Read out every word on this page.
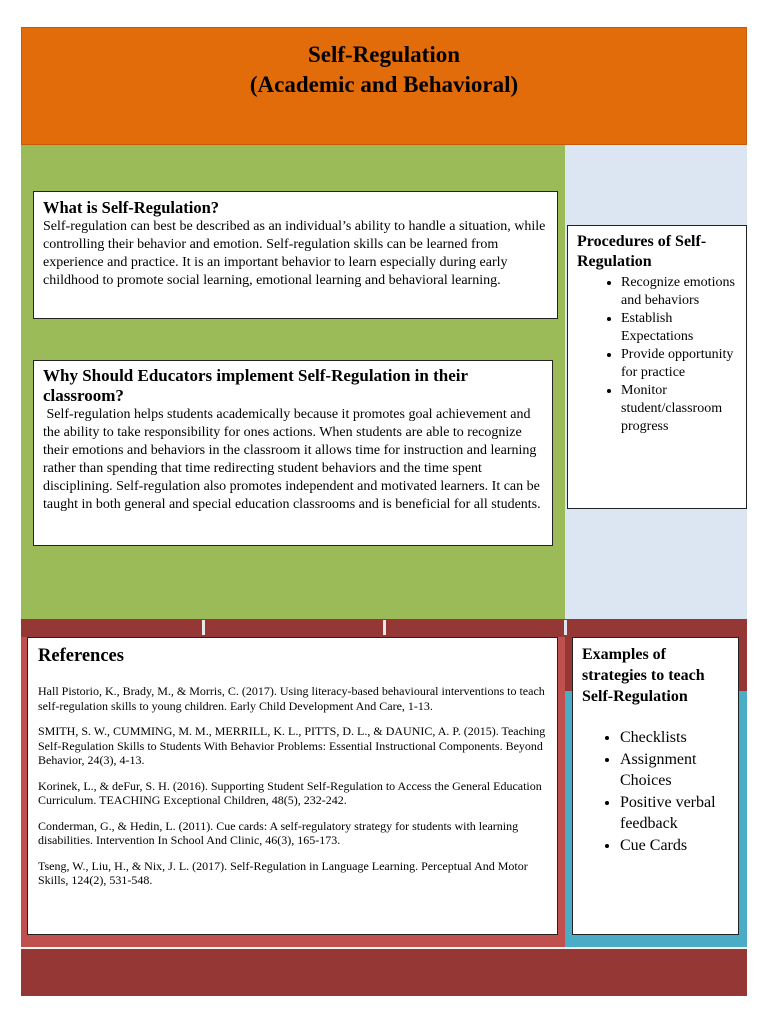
Self-Regulation
(Academic and Behavioral)
What is Self-Regulation?
Self-regulation can best be described as an individual’s ability to handle a situation, while controlling their behavior and emotion. Self-regulation skills can be learned from experience and practice. It is an important behavior to learn especially during early childhood to promote social learning, emotional learning and behavioral learning.
Why Should Educators implement Self-Regulation in their classroom?
Self-regulation helps students academically because it promotes goal achievement and the ability to take responsibility for ones actions. When students are able to recognize their emotions and behaviors in the classroom it allows time for instruction and learning rather than spending that time redirecting student behaviors and the time spent disciplining. Self-regulation also promotes independent and motivated learners. It can be taught in both general and special education classrooms and is beneficial for all students.
Procedures of Self-Regulation
• Recognize emotions and behaviors
• Establish Expectations
• Provide opportunity for practice
• Monitor student/classroom progress
References

Hall Pistorio, K., Brady, M., & Morris, C. (2017). Using literacy-based behavioural interventions to teach self-regulation skills to young children. Early Child Development And Care, 1-13.

SMITH, S. W., CUMMING, M. M., MERRILL, K. L., PITTS, D. L., & DAUNIC, A. P. (2015). Teaching Self-Regulation Skills to Students With Behavior Problems: Essential Instructional Components. Beyond Behavior, 24(3), 4-13.

Korinek, L., & deFur, S. H. (2016). Supporting Student Self-Regulation to Access the General Education Curriculum. TEACHING Exceptional Children, 48(5), 232-242.

Conderman, G., & Hedin, L. (2011). Cue cards: A self-regulatory strategy for students with learning disabilities. Intervention In School And Clinic, 46(3), 165-173.

Tseng, W., Liu, H., & Nix, J. L. (2017). Self-Regulation in Language Learning. Perceptual And Motor Skills, 124(2), 531-548.

Examples of strategies to teach Self-Regulation
• Checklists
• Assignment Choices
• Positive verbal feedback
• Cue Cards
